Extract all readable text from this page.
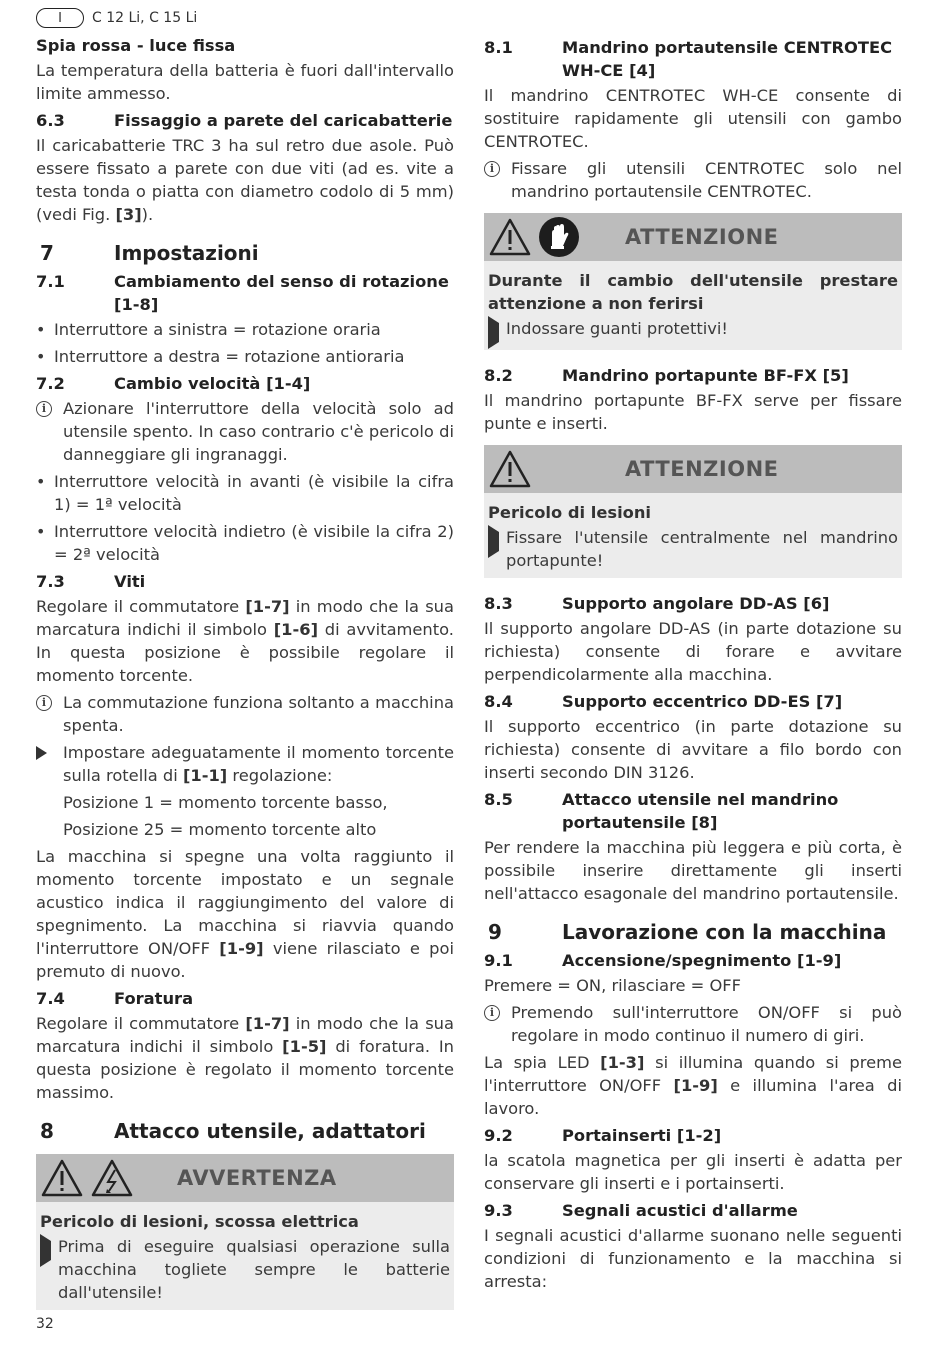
I	C 12 Li, C 15 Li
Spia rossa - luce fissa

La temperatura della batteria è fuori dall'intervallo limite ammesso.

6.3	Fissaggio a parete del caricabatterie

Il caricabatterie TRC 3 ha sul retro due asole. Può essere fissato a parete con due viti (ad es. vite a testa tonda o piatta con diametro codolo di 5 mm) (vedi Fig. [3]).

7	Impostazioni
7.1	Cambiamento del senso di rotazione [1-8]
• Interruttore a sinistra = rotazione oraria
• Interruttore a destra = rotazione antioraria
7.2	Cambio velocità [1-4]
i	Azionare l'interruttore della velocità solo ad utensile spento. In caso contrario c'è pericolo di danneggiare gli ingranaggi.
• Interruttore velocità in avanti (è visibile la cifra 1) = 1ª velocità
• Interruttore velocità indietro (è visibile la cifra 2) = 2ª velocità
7.3	Viti

Regolare il commutatore [1-7] in modo che la sua marcatura indichi il simbolo [1-6] di avvitamento. In questa posizione è possibile regolare il momento torcente.

i	La commutazione funziona soltanto a macchina spenta.
Impostare adeguatamente il momento torcente sulla rotella di [1-1] regolazione:
Posizione 1 = momento torcente basso,
Posizione 25 = momento torcente alto

La macchina si spegne una volta raggiunto il momento torcente impostato e un segnale acustico indica il raggiungimento del valore di spegnimento. La macchina si riavvia quando l'interruttore ON/OFF [1-9] viene rilasciato e poi premuto di nuovo.

7.4	Foratura

Regolare il commutatore [1-7] in modo che la sua marcatura indichi il simbolo [1-5] di foratura. In questa posizione è regolato il momento torcente massimo.

8	Attacco utensile, adattatori
AVVERTENZA
Pericolo di lesioni, scossa elettrica
Prima di eseguire qualsiasi operazione sulla macchina togliete sempre le batterie dall'utensile!
8.1	Mandrino portautensile CENTROTEC WH-CE [4]

Il mandrino CENTROTEC WH-CE consente di sostituire rapidamente gli utensili con gambo CENTROTEC.

i	Fissare gli utensili CENTROTEC solo nel mandrino portautensile CENTROTEC.
ATTENZIONE
Durante il cambio dell'utensile prestare attenzione a non ferirsi
Indossare guanti protettivi!
8.2	Mandrino portapunte BF-FX [5]

Il mandrino portapunte BF-FX serve per fissare punte e inserti.

ATTENZIONE
Pericolo di lesioni
Fissare l'utensile centralmente nel mandrino portapunte!
8.3	Supporto angolare DD-AS [6]

Il supporto angolare DD-AS (in parte dotazione su richiesta) consente di forare e avvitare perpendicolarmente alla macchina.

8.4	Supporto eccentrico DD-ES [7]

Il supporto eccentrico (in parte dotazione su richiesta) consente di avvitare a filo bordo con inserti secondo DIN 3126.

8.5	Attacco utensile nel mandrino portautensile [8]

Per rendere la macchina più leggera e più corta, è possibile inserire direttamente gli inserti nell'attacco esagonale del mandrino portautensile.

9	Lavorazione con la macchina
9.1	Accensione/spegnimento [1-9]

Premere = ON, rilasciare = OFF

i	Premendo sull'interruttore ON/OFF si può regolare in modo continuo il numero di giri.

La spia LED [1-3] si illumina quando si preme l'interruttore ON/OFF [1-9] e illumina l'area di lavoro.

9.2	Portainserti [1-2]

la scatola magnetica per gli inserti è adatta per conservare gli inserti e i portainserti.

9.3	Segnali acustici d'allarme

I segnali acustici d'allarme suonano nelle seguenti condizioni di funzionamento e la macchina si arresta:

32
